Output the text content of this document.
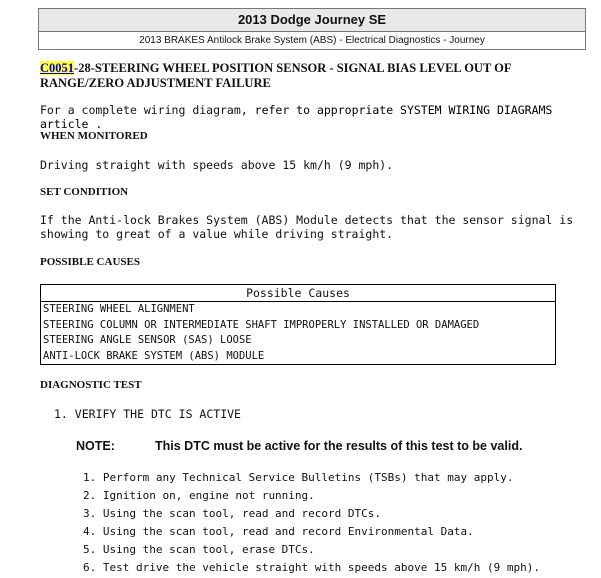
2013 Dodge Journey SE
2013 BRAKES Antilock Brake System (ABS) - Electrical Diagnostics - Journey
C0051-28-STEERING WHEEL POSITION SENSOR - SIGNAL BIAS LEVEL OUT OF RANGE/ZERO ADJUSTMENT FAILURE
For a complete wiring diagram, refer to appropriate SYSTEM WIRING DIAGRAMS article .
WHEN MONITORED
Driving straight with speeds above 15 km/h (9 mph).
SET CONDITION
If the Anti-lock Brakes System (ABS) Module detects that the sensor signal is showing to great of a value while driving straight.
POSSIBLE CAUSES
Possible Causes
STEERING WHEEL ALIGNMENT
STEERING COLUMN OR INTERMEDIATE SHAFT IMPROPERLY INSTALLED OR DAMAGED
STEERING ANGLE SENSOR (SAS) LOOSE
ANTI-LOCK BRAKE SYSTEM (ABS) MODULE
DIAGNOSTIC TEST
1. VERIFY THE DTC IS ACTIVE
NOTE:	This DTC must be active for the results of this test to be valid.
1. Perform any Technical Service Bulletins (TSBs) that may apply.
2. Ignition on, engine not running.
3. Using the scan tool, read and record DTCs.
4. Using the scan tool, read and record Environmental Data.
5. Using the scan tool, erase DTCs.
6. Test drive the vehicle straight with speeds above 15 km/h (9 mph).
